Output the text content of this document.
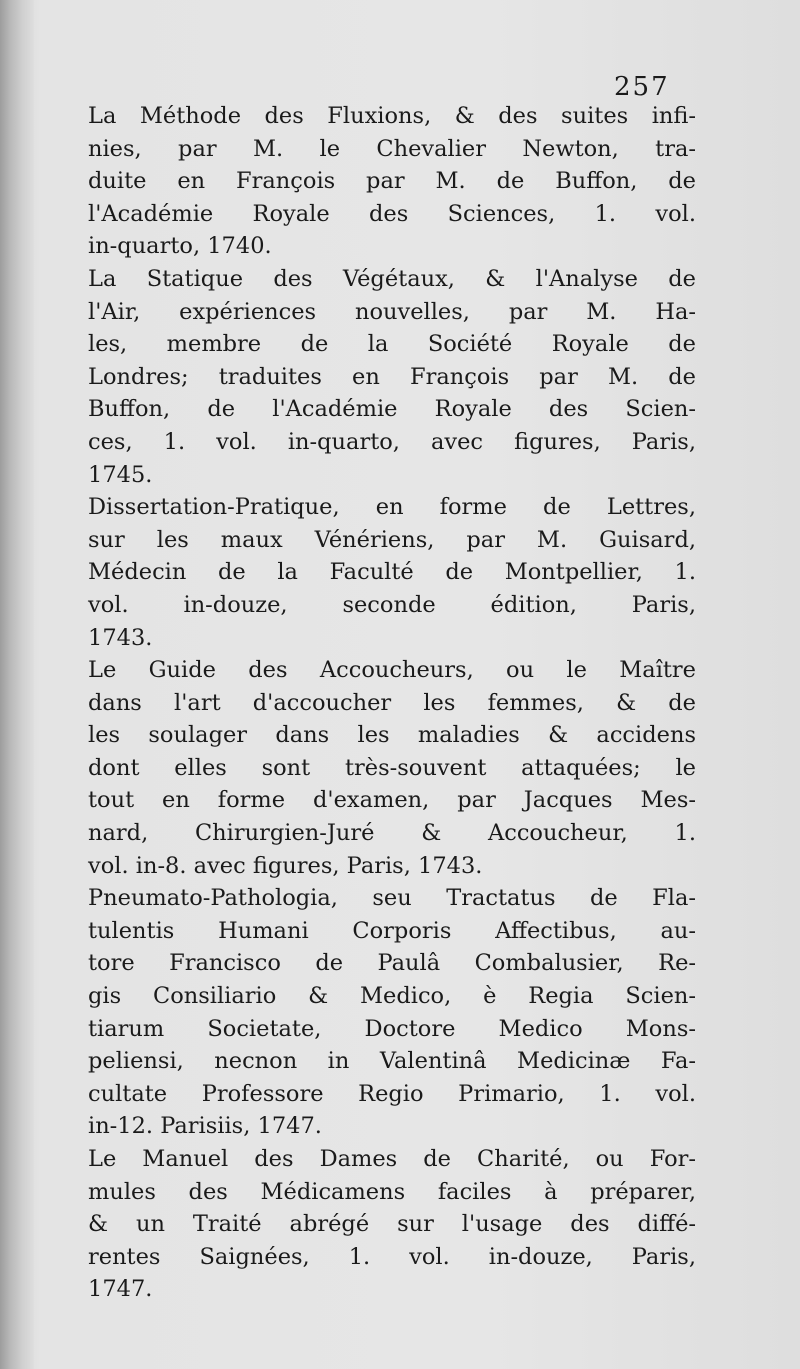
257

La Méthode des Fluxions, & des suites infi-
nies, par M. le Chevalier Newton, tra-
duite en François par M. de Buffon, de
l'Académie Royale des Sciences, 1. vol.
in-quarto, 1740.

La Statique des Végétaux, & l'Analyse de
l'Air, expériences nouvelles, par M. Ha-
les, membre de la Société Royale de
Londres; traduites en François par M. de
Buffon, de l'Académie Royale des Scien-
ces, 1. vol. in-quarto, avec figures, Paris,
1745.

Dissertation-Pratique, en forme de Lettres,
sur les maux Vénériens, par M. Guisard,
Médecin de la Faculté de Montpellier, 1.
vol. in-douze, seconde édition, Paris,
1743.

Le Guide des Accoucheurs, ou le Maître
dans l'art d'accoucher les femmes, & de
les soulager dans les maladies & accidens
dont elles sont très-souvent attaquées; le
tout en forme d'examen, par Jacques Mes-
nard, Chirurgien-Juré & Accoucheur, 1.
vol. in-8. avec figures, Paris, 1743.

Pneumato-Pathologia, seu Tractatus de Fla-
tulentis Humani Corporis Affectibus, au-
tore Francisco de Paulâ Combalusier, Re-
gis Consiliario & Medico, è Regia Scien-
tiarum Societate, Doctore Medico Mons-
peliensi, necnon in Valentinâ Medicinæ Fa-
cultate Professore Regio Primario, 1. vol.
in-12. Parisiis, 1747.

Le Manuel des Dames de Charité, ou For-
mules des Médicamens faciles à préparer,
& un Traité abrégé sur l'usage des diffé-
rentes Saignées, 1. vol. in-douze, Paris,
1747.
